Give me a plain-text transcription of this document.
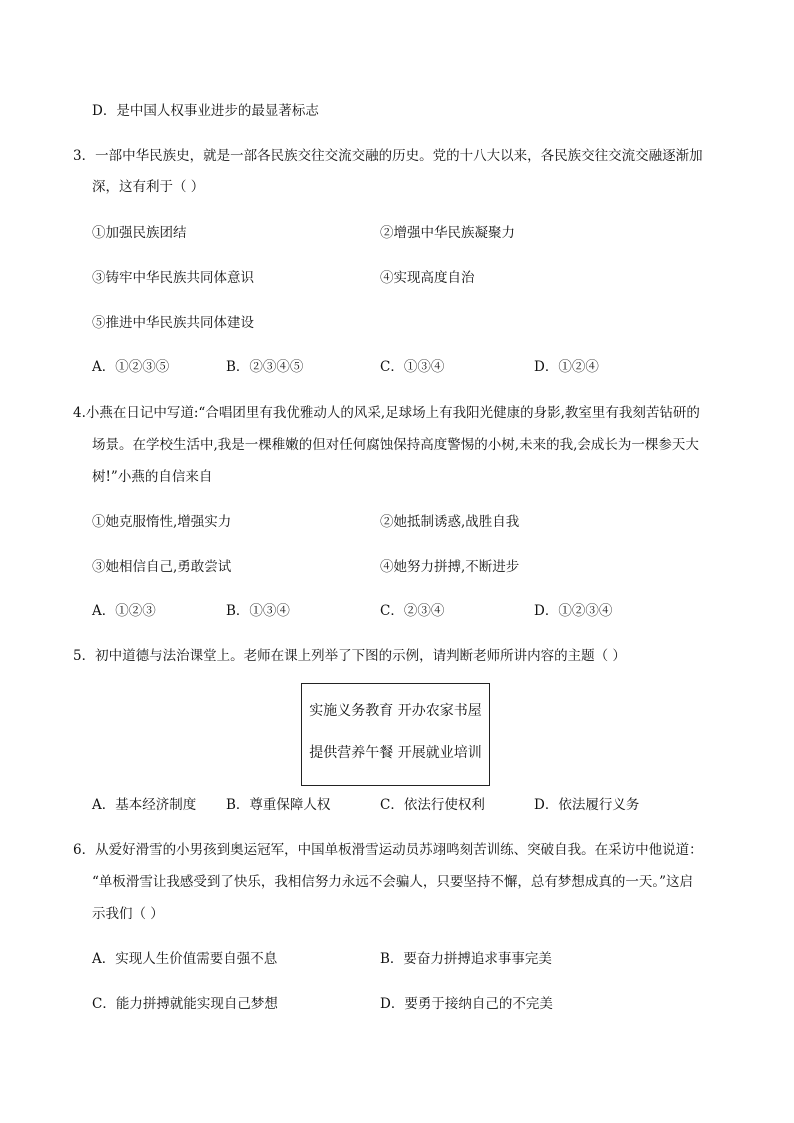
D．是中国人权事业进步的最显著标志
3．一部中华民族史，就是一部各民族交往交流交融的历史。党的十八大以来，各民族交往交流交融逐渐加
深，这有利于（ ）
①加强民族团结	②增强中华民族凝聚力
③铸牢中华民族共同体意识	④实现高度自治
⑤推进中华民族共同体建设
A．①②③⑤	B．②③④⑤	C．①③④	D．①②④
4.小燕在日记中写道:“合唱团里有我优雅动人的风采,足球场上有我阳光健康的身影,教室里有我刻苦钻研的
场景。在学校生活中,我是一棵稚嫩的但对任何腐蚀保持高度警惕的小树,未来的我,会成长为一棵参天大
树!”小燕的自信来自
①她克服惰性,增强实力	②她抵制诱惑,战胜自我
③她相信自己,勇敢尝试	④她努力拼搏,不断进步
A．①②③	B．①③④	C．②③④	D．①②③④
5．初中道德与法治课堂上。老师在课上列举了下图的示例，请判断老师所讲内容的主题（ ）
实施义务教育 开办农家书屋
提供营养午餐 开展就业培训
A．基本经济制度 B．尊重保障人权	C．依法行使权利	D．依法履行义务
6．从爱好滑雪的小男孩到奥运冠军，中国单板滑雪运动员苏翊鸣刻苦训练、突破自我。在采访中他说道：
“单板滑雪让我感受到了快乐，我相信努力永远不会骗人，只要坚持不懈，总有梦想成真的一天。”这启
示我们（ ）
A．实现人生价值需要自强不息	B．要奋力拼搏追求事事完美
C．能力拼搏就能实现自己梦想	D．要勇于接纳自己的不完美
